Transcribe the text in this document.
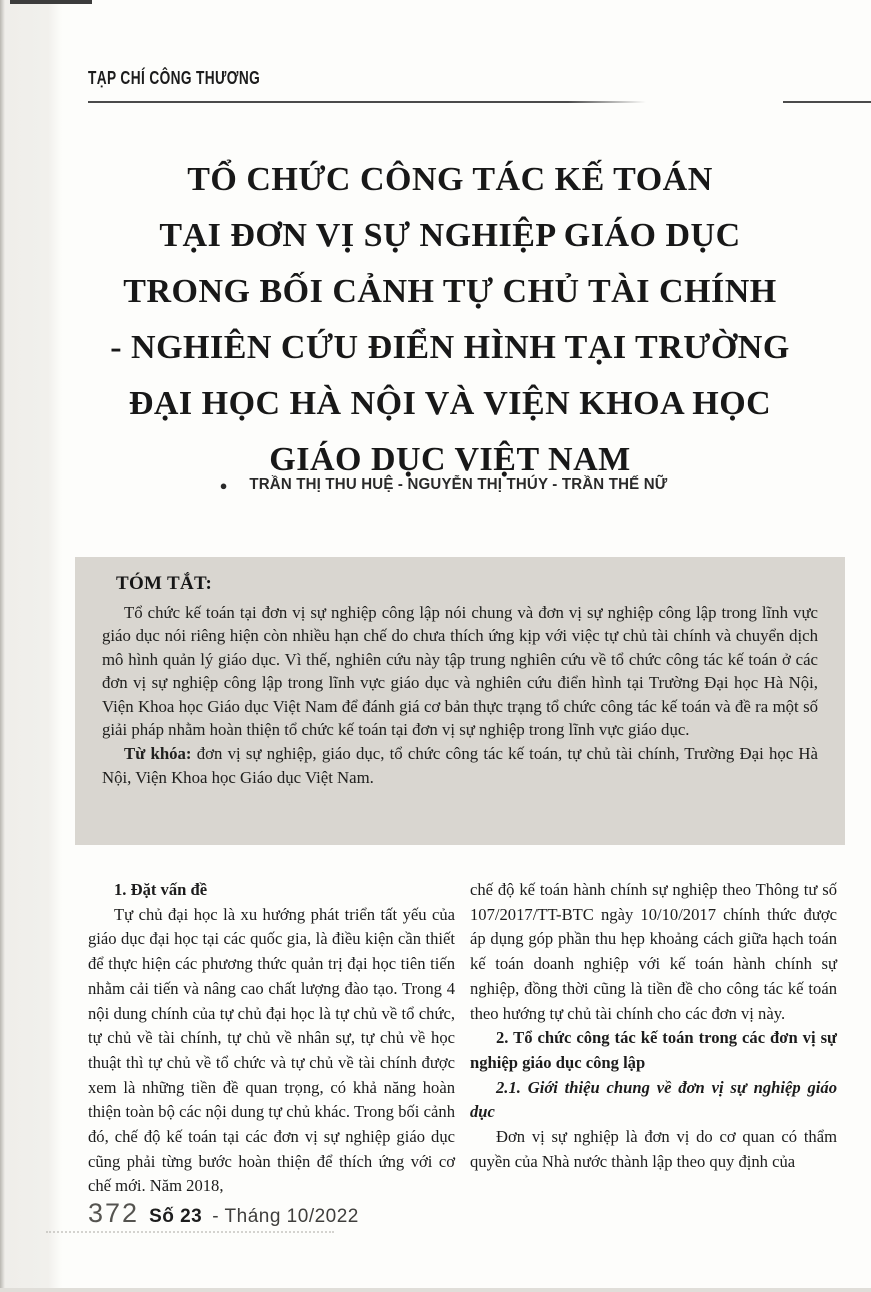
TẠP CHÍ CÔNG THƯƠNG
TỔ CHỨC CÔNG TÁC KẾ TOÁN
TẠI ĐƠN VỊ SỰ NGHIỆP GIÁO DỤC
TRONG BỐI CẢNH TỰ CHỦ TÀI CHÍNH
- NGHIÊN CỨU ĐIỂN HÌNH TẠI TRƯỜNG
ĐẠI HỌC HÀ NỘI VÀ VIỆN KHOA HỌC
GIÁO DỤC VIỆT NAM
● TRẦN THỊ THU HUỆ - NGUYỄN THỊ THÚY - TRẦN THẾ NỮ

TÓM TẮT:

Tổ chức kế toán tại đơn vị sự nghiệp công lập nói chung và đơn vị sự nghiệp công lập trong lĩnh vực giáo dục nói riêng hiện còn nhiều hạn chế do chưa thích ứng kịp với việc tự chủ tài chính và chuyển dịch mô hình quản lý giáo dục. Vì thế, nghiên cứu này tập trung nghiên cứu về tổ chức công tác kế toán ở các đơn vị sự nghiệp công lập trong lĩnh vực giáo dục và nghiên cứu điển hình tại Trường Đại học Hà Nội, Viện Khoa học Giáo dục Việt Nam để đánh giá cơ bản thực trạng tổ chức công tác kế toán và đề ra một số giải pháp nhằm hoàn thiện tổ chức kế toán tại đơn vị sự nghiệp trong lĩnh vực giáo dục.

Từ khóa: đơn vị sự nghiệp, giáo dục, tổ chức công tác kế toán, tự chủ tài chính, Trường Đại học Hà Nội, Viện Khoa học Giáo dục Việt Nam.

1. Đặt vấn đề

Tự chủ đại học là xu hướng phát triển tất yếu của giáo dục đại học tại các quốc gia, là điều kiện cần thiết để thực hiện các phương thức quản trị đại học tiên tiến nhằm cải tiến và nâng cao chất lượng đào tạo. Trong 4 nội dung chính của tự chủ đại học là tự chủ về tổ chức, tự chủ về tài chính, tự chủ về nhân sự, tự chủ về học thuật thì tự chủ về tổ chức và tự chủ về tài chính được xem là những tiền đề quan trọng, có khả năng hoàn thiện toàn bộ các nội dung tự chủ khác. Trong bối cảnh đó, chế độ kế toán tại các đơn vị sự nghiệp giáo dục cũng phải từng bước hoàn thiện để thích ứng với cơ chế mới. Năm 2018,

chế độ kế toán hành chính sự nghiệp theo Thông tư số 107/2017/TT-BTC ngày 10/10/2017 chính thức được áp dụng góp phần thu hẹp khoảng cách giữa hạch toán kế toán doanh nghiệp với kế toán hành chính sự nghiệp, đồng thời cũng là tiền đề cho công tác kế toán theo hướng tự chủ tài chính cho các đơn vị này.

2. Tổ chức công tác kế toán trong các đơn vị sự nghiệp giáo dục công lập

2.1. Giới thiệu chung về đơn vị sự nghiệp giáo dục

Đơn vị sự nghiệp là đơn vị do cơ quan có thẩm quyền của Nhà nước thành lập theo quy định của

372 Số 23 - Tháng 10/2022
